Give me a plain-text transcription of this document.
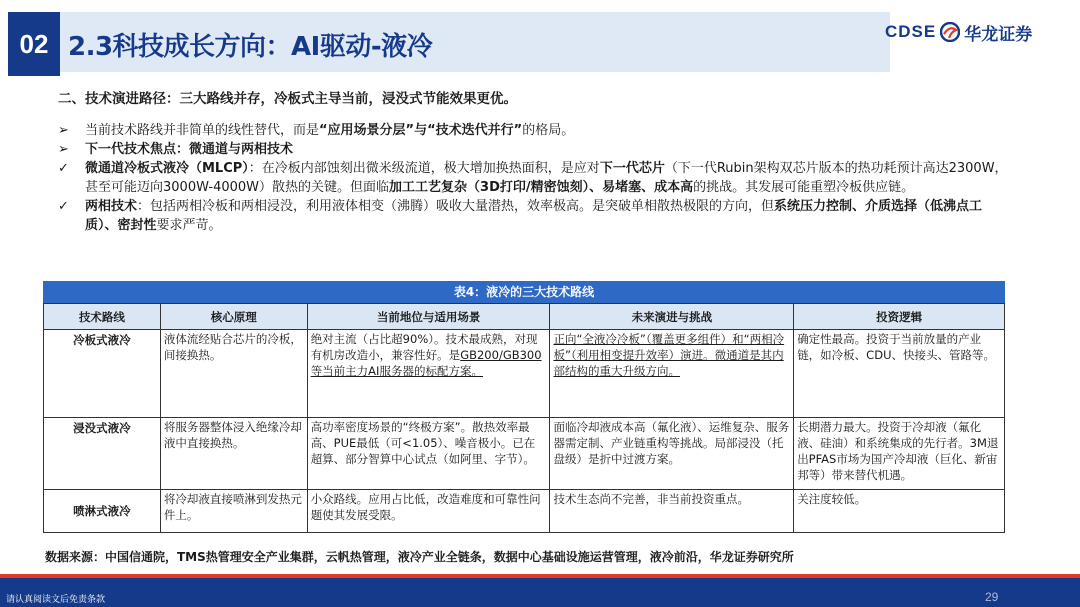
02 2.3科技成长方向：AI驱动-液冷
CDSE 华龙证券
二、技术演进路径：三大路线并存，冷板式主导当前，浸没式节能效果更优。
➢	当前技术路线并非简单的线性替代，而是“应用场景分层”与“技术迭代并行”的格局。
➢	下一代技术焦点：微通道与两相技术
✓	微通道冷板式液冷（MLCP）：在冷板内部蚀刻出微米级流道，极大增加换热面积，是应对下一代芯片（下一代Rubin架构双芯片版本的热功耗预计高达2300W，甚至可能迈向3000W-4000W）散热的关键。但面临加工工艺复杂（3D打印/精密蚀刻）、易堵塞、成本高的挑战。其发展可能重塑冷板供应链。
✓	两相技术：包括两相冷板和两相浸没，利用液体相变（沸腾）吸收大量潜热，效率极高。是突破单相散热极限的方向，但系统压力控制、介质选择（低沸点工质）、密封性要求严苛。
表4：液冷的三大技术路线
技术路线	核心原理	当前地位与适用场景	未来演进与挑战	投资逻辑
冷板式液冷	液体流经贴合芯片的冷板，间接换热。	绝对主流（占比超90%）。技术最成熟，对现有机房改造小，兼容性好。是GB200/GB300等当前主力AI服务器的标配方案。	正向“全液冷冷板”（覆盖更多组件）和“两相冷板”（利用相变提升效率）演进。微通道是其内部结构的重大升级方向。	确定性最高。投资于当前放量的产业链，如冷板、CDU、快接头、管路等。
浸没式液冷	将服务器整体浸入绝缘冷却液中直接换热。	高功率密度场景的“终极方案”。散热效率最高、PUE最低（可<1.05）、噪音极小。已在超算、部分智算中心试点（如阿里、字节）。	面临冷却液成本高（氟化液）、运维复杂、服务器需定制、产业链重构等挑战。局部浸没（托盘级）是折中过渡方案。	长期潜力最大。投资于冷却液（氟化液、硅油）和系统集成的先行者。3M退出PFAS市场为国产冷却液（巨化、新宙邦等）带来替代机遇。
喷淋式液冷	将冷却液直接喷淋到发热元件上。	小众路线。应用占比低，改造难度和可靠性问题使其发展受限。	技术生态尚不完善，非当前投资重点。	关注度较低。
数据来源：中国信通院，TMS热管理安全产业集群，云帆热管理，液冷产业全链条，数据中心基础设施运营管理，液冷前沿，华龙证券研究所
请认真阅读文后免责条款	29
